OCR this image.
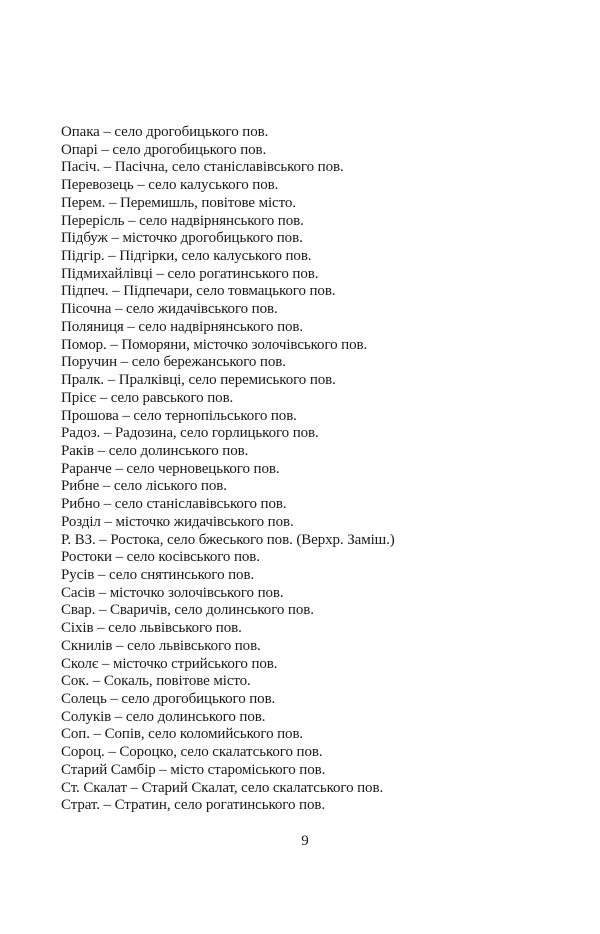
Опака – село дрогобицького пов.
Опарі – село дрогобицького пов.
Пасіч. – Пасічна, село станіславівського пов.
Перевозець – село калуського пов.
Перем. – Перемишль, повітове місто.
Перерісль – село надвірнянського пов.
Підбуж – місточко дрогобицького пов.
Підгір. – Підгірки, село калуського пов.
Підмихайлівці – село рогатинського пов.
Підпеч. – Підпечари, село товмацького пов.
Пісочна – село жидачівського пов.
Поляниця – село надвірнянського пов.
Помор. – Поморяни, місточко золочівського пов.
Поручин – село бережанського пов.
Пралк. – Пралківці, село перемиського пов.
Прісє – село равського пов.
Прошова – село тернопільського пов.
Радоз. – Радозина, село горлицького пов.
Раків – село долинського пов.
Раранче – село черновецького пов.
Рибне – село ліського пов.
Рибно – село станіславівського пов.
Розділ – місточко жидачівського пов.
Р. ВЗ. – Ростока, село бжеського пов. (Верхр. Заміш.)
Ростоки – село косівського пов.
Русів – село снятинського пов.
Сасів – місточко золочівського пов.
Свар. – Сваричів, село долинського пов.
Сіхів – село львівського пов.
Скнилів – село львівського пов.
Сколє – місточко стрийського пов.
Сок. – Сокаль, повітове місто.
Солець – село дрогобицького пов.
Солуків – село долинського пов.
Соп. – Сопів, село коломийського пов.
Сороц. – Сороцко, село скалатського пов.
Старий Самбір – місто староміського пов.
Ст. Скалат – Старий Скалат, село скалатського пов.
Страт. – Стратин, село рогатинського пов.
9
